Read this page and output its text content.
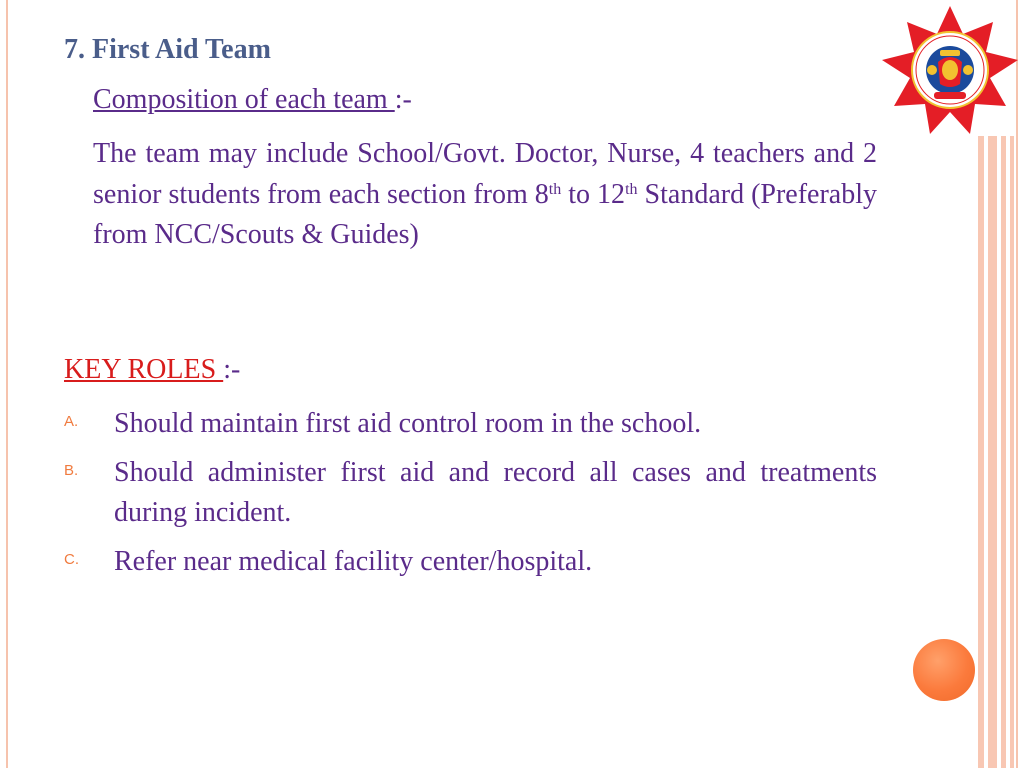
7. First Aid Team
Composition of each team :-

The team may include School/Govt. Doctor, Nurse, 4 teachers and 2 senior students from each section from 8th to 12th Standard (Preferably from NCC/Scouts & Guides)

KEY ROLES :-
A. Should maintain first aid control room in the school.
B. Should administer first aid and record all cases and treatments during incident.
C. Refer near medical facility center/hospital.
